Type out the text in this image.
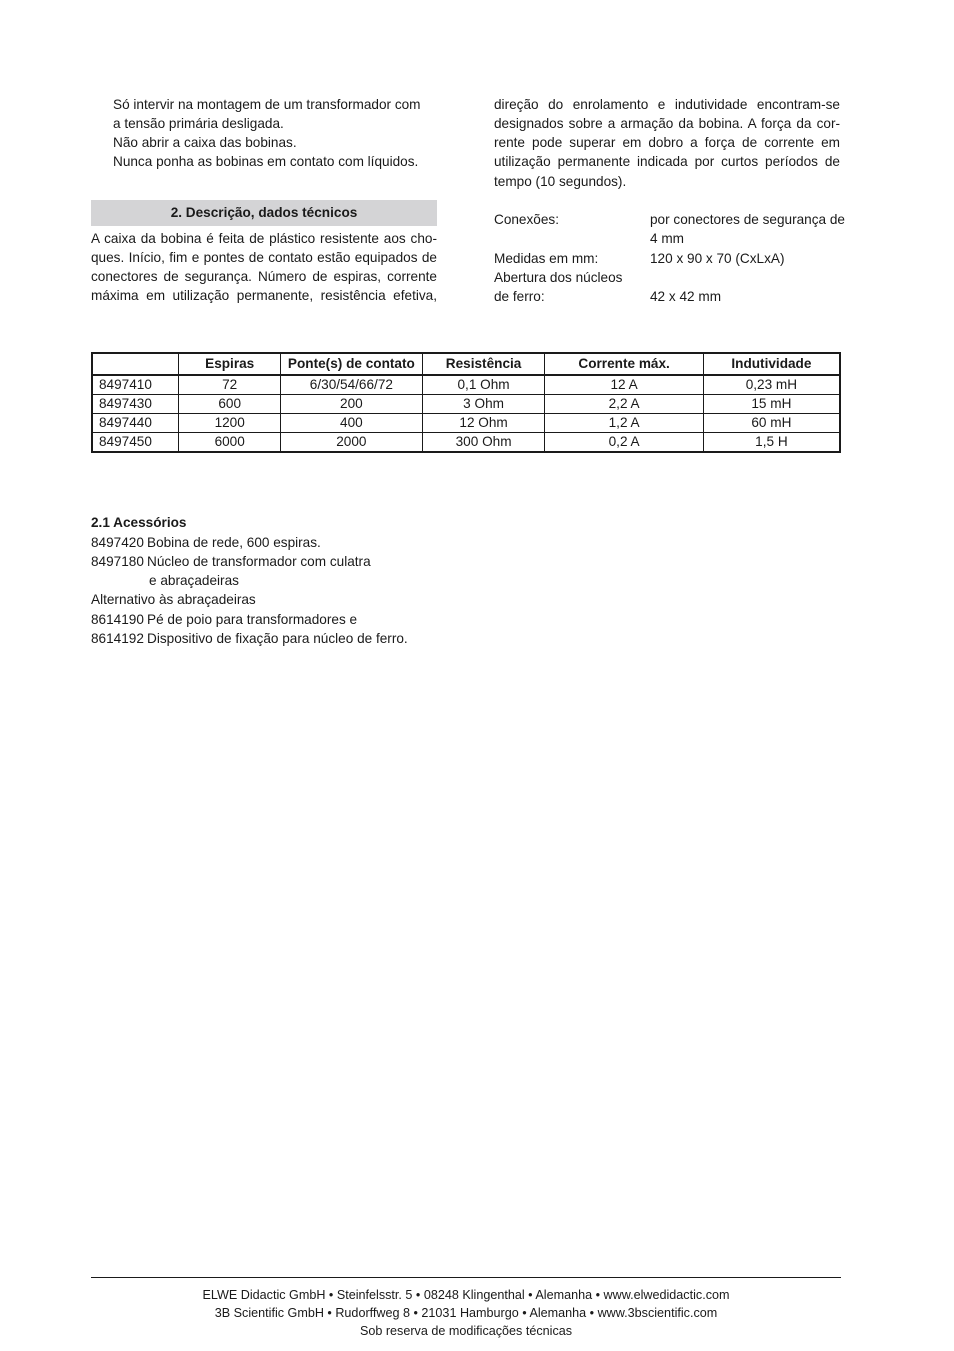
Só intervir na montagem de um transformador com
a tensão primária desligada.
Não abrir a caixa das bobinas.
Nunca ponha as bobinas em contato com líquidos.
2. Descrição, dados técnicos
A caixa da bobina é feita de plástico resistente aos cho-
ques. Início, fim e pontes de contato estão equipados de
conectores de segurança. Número de espiras, corrente
máxima em utilização permanente, resistência efetiva,
direção do enrolamento e indutividade encontram-se
designados sobre a armação da bobina. A força da cor-
rente pode superar em dobro a força de corrente em
utilização permanente indicada por curtos períodos de
tempo (10 segundos).
Conexões:	por conectores de segurança de
4 mm
Medidas em mm:	120 x 90 x 70 (CxLxA)
Abertura dos núcleos
de ferro:	42 x 42 mm
	Espiras	Ponte(s) de contato	Resistência	Corrente máx.	Indutividade
8497410	72	6/30/54/66/72	0,1 Ohm	12 A	0,23 mH
8497430	600	200	3 Ohm	2,2 A	15 mH
8497440	1200	400	12 Ohm	1,2 A	60 mH
8497450	6000	2000	300 Ohm	0,2 A	1,5 H
2.1 Acessórios
8497420 Bobina de rede, 600 espiras.
8497180 Núcleo de transformador com culatra
e abraçadeiras
Alternativo às abraçadeiras
8614190 Pé de poio para transformadores e
8614192 Dispositivo de fixação para núcleo de ferro.
ELWE Didactic GmbH • Steinfelsstr. 5 • 08248 Klingenthal • Alemanha • www.elwedidactic.com
3B Scientific GmbH • Rudorffweg 8 • 21031 Hamburgo • Alemanha • www.3bscientific.com
Sob reserva de modificações técnicas
